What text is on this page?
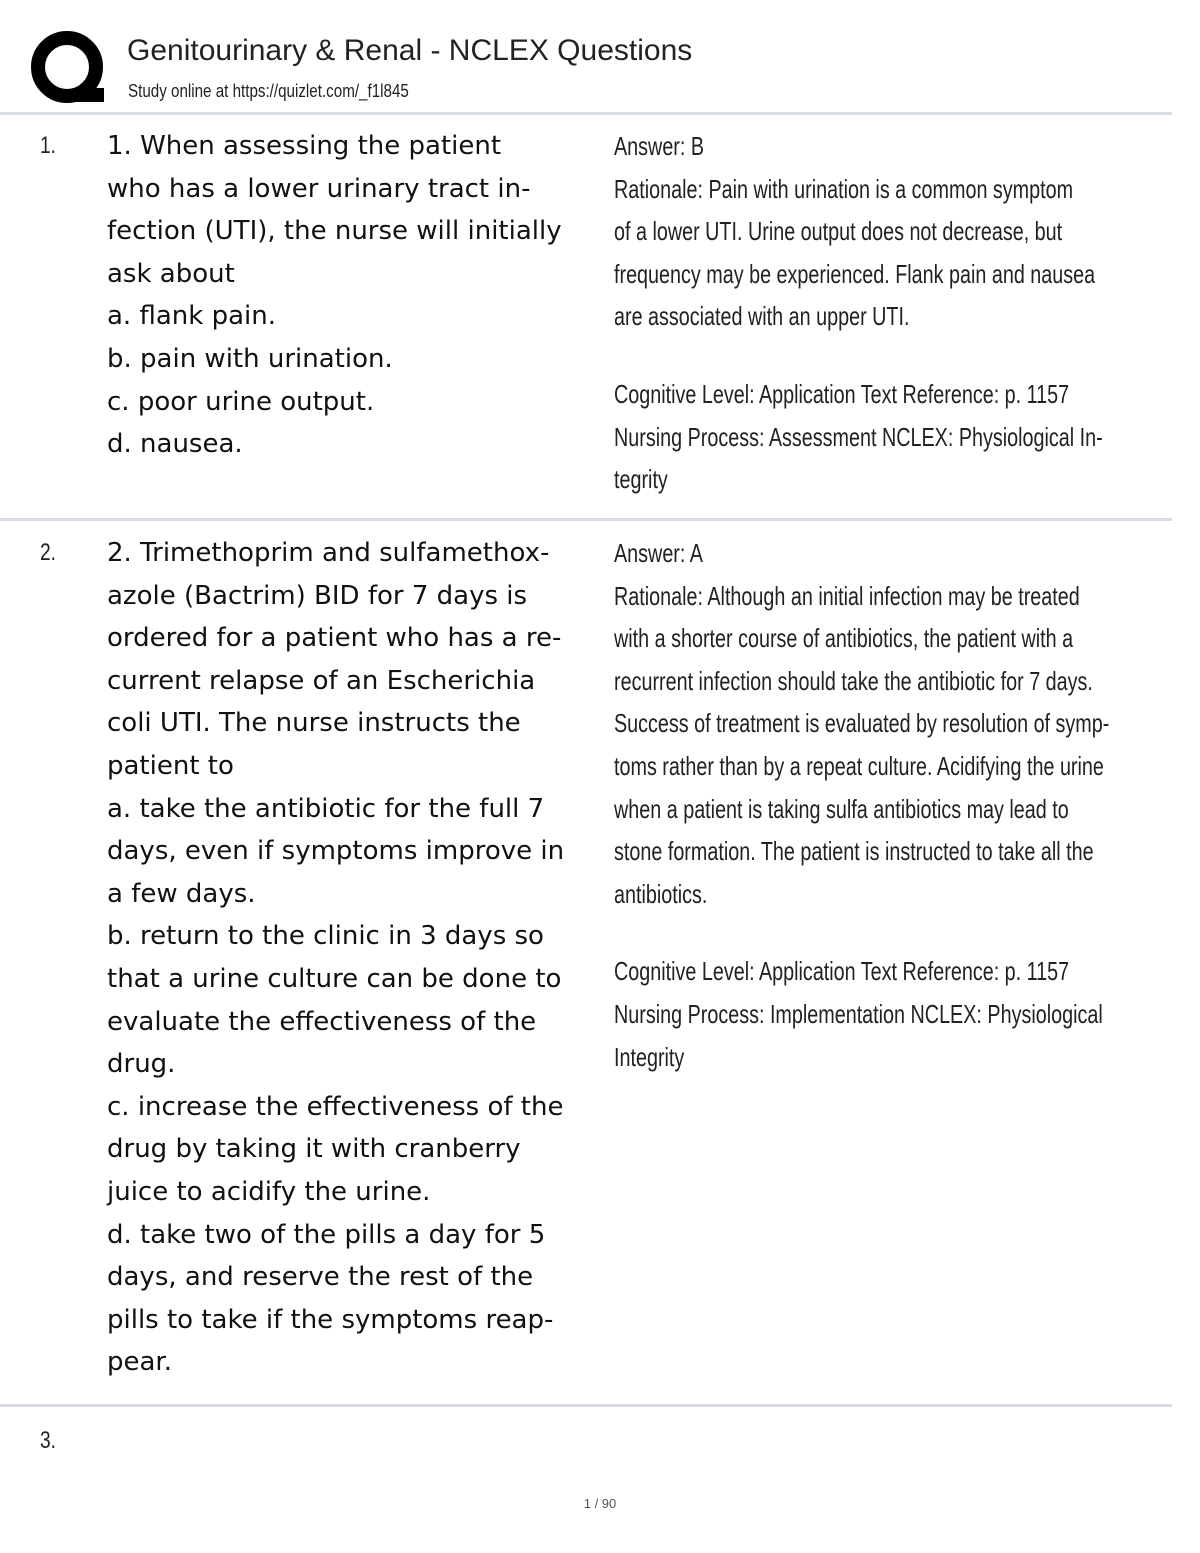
Genitourinary & Renal - NCLEX Questions
Study online at https://quizlet.com/_f1l845
1. 1. When assessing the patient
who has a lower urinary tract in-
fection (UTI), the nurse will initially
ask about
a. flank pain.
b. pain with urination.
c. poor urine output.
d. nausea.
Answer: B
Rationale: Pain with urination is a common symptom
of a lower UTI. Urine output does not decrease, but
frequency may be experienced. Flank pain and nausea
are associated with an upper UTI.
Cognitive Level: Application Text Reference: p. 1157
Nursing Process: Assessment NCLEX: Physiological In-
tegrity
2. 2. Trimethoprim and sulfamethox-
azole (Bactrim) BID for 7 days is
ordered for a patient who has a re-
current relapse of an Escherichia
coli UTI. The nurse instructs the
patient to
a. take the antibiotic for the full 7
days, even if symptoms improve in
a few days.
b. return to the clinic in 3 days so
that a urine culture can be done to
evaluate the effectiveness of the
drug.
c. increase the effectiveness of the
drug by taking it with cranberry
juice to acidify the urine.
d. take two of the pills a day for 5
days, and reserve the rest of the
pills to take if the symptoms reap-
pear.
Answer: A
Rationale: Although an initial infection may be treated
with a shorter course of antibiotics, the patient with a
recurrent infection should take the antibiotic for 7 days.
Success of treatment is evaluated by resolution of symp-
toms rather than by a repeat culture. Acidifying the urine
when a patient is taking sulfa antibiotics may lead to
stone formation. The patient is instructed to take all the
antibiotics.
Cognitive Level: Application Text Reference: p. 1157
Nursing Process: Implementation NCLEX: Physiological
Integrity
3.
1 / 90
